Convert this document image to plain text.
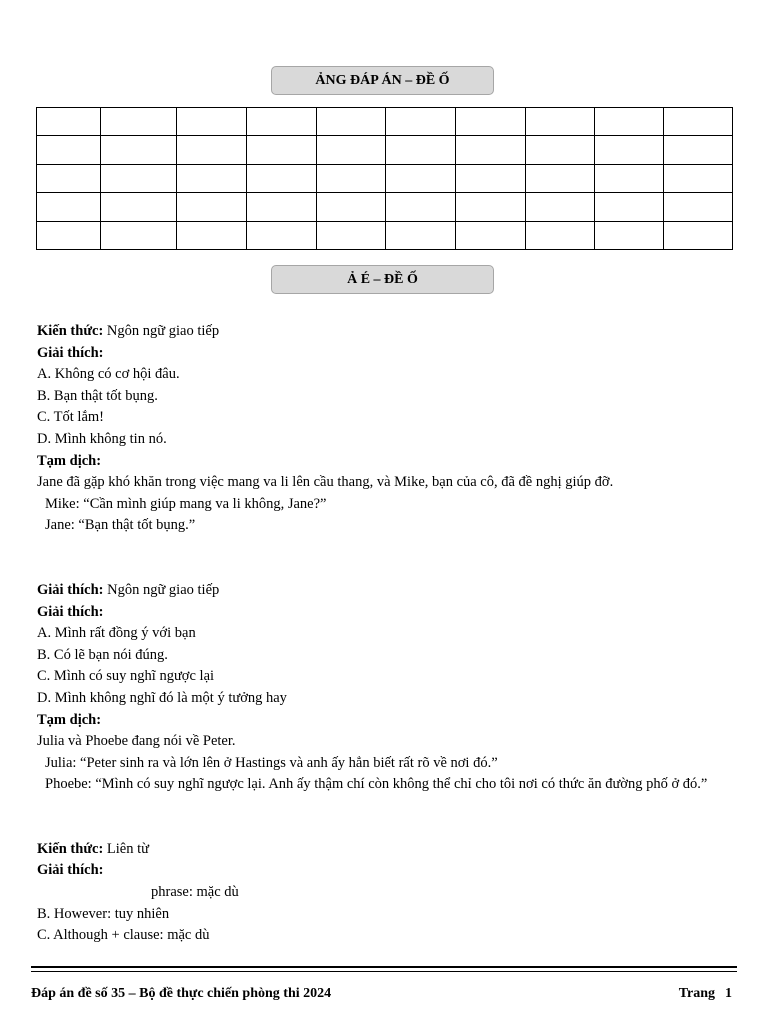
ẢNG ĐÁP ÁN – ĐỀ Ố

Ả É – ĐỀ Ố

Kiến thức: Ngôn ngữ giao tiếp

Giải thích:

A. Không có cơ hội đâu.

B. Bạn thật tốt bụng.

C. Tốt lắm!

D. Mình không tin nó.

Tạm dịch:

Jane đã gặp khó khăn trong việc mang va li lên cầu thang, và Mike, bạn của cô, đã đề nghị giúp đỡ.

Mike: “Cần mình giúp mang va li không, Jane?”

Jane: “Bạn thật tốt bụng.”

Giải thích: Ngôn ngữ giao tiếp

Giải thích:

A. Mình rất đồng ý với bạn

B. Có lẽ bạn nói đúng.

C. Mình có suy nghĩ ngược lại

D. Mình không nghĩ đó là một ý tưởng hay

Tạm dịch:

Julia và Phoebe đang nói về Peter.

Julia: “Peter sinh ra và lớn lên ở Hastings và anh ấy hẳn biết rất rõ về nơi đó.”

Phoebe: “Mình có suy nghĩ ngược lại. Anh ấy thậm chí còn không thể chỉ cho tôi nơi có thức ăn đường phố ở đó.”

Kiến thức: Liên từ

Giải thích:

phrase: mặc dù

B. However: tuy nhiên

C. Although + clause: mặc dù

Đáp án đề số 35 – Bộ đề thực chiến phòng thi 2024	Trang 1
